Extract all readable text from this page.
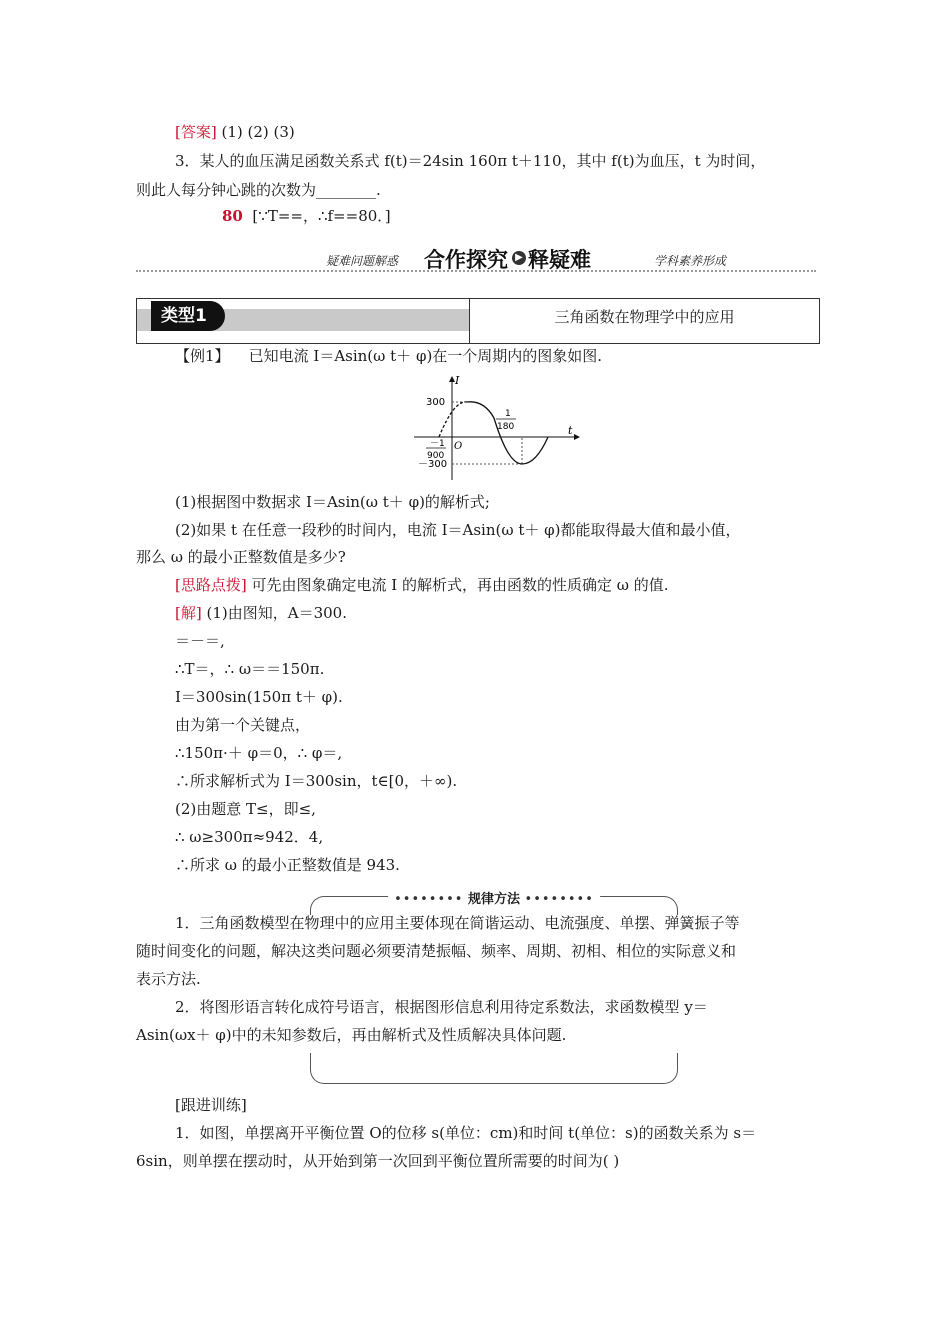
[答案] (1) (2) (3)
3．某人的血压满足函数关系式 f(t)＝24sin 160π t＋110，其中 f(t)为血压，t 为时间，
则此人每分钟心跳的次数为________.
80 [∵T==，∴f==80．]
疑难问题解惑 合作探究 ▶ 释疑难	学科素养形成
类型1	三角函数在物理学中的应用
【例1】 已知电流 I＝Asin(ω t＋ φ)在一个周期内的图象如图.
I
t
300
－300
O
－1
900
1
180
(1)根据图中数据求 I＝Asin(ω t＋ φ)的解析式;
(2)如果 t 在任意一段秒的时间内，电流 I＝Asin(ω t＋ φ)都能取得最大值和最小值，
那么 ω 的最小正整数值是多少?
[思路点拨] 可先由图象确定电流 I 的解析式，再由函数的性质确定 ω 的值.
[解] (1)由图知，A＝300.
＝－＝,
∴T＝，∴ ω＝＝150π.
I＝300sin(150π t＋ φ).
由为第一个关键点，
∴150π·＋ φ＝0，∴ φ＝,
∴所求解析式为 I＝300sin，t∈[0，＋∞).
(2)由题意 T≤，即≤,
∴ ω≥300π≈942．4,
∴所求 ω 的最小正整数值是 943.
•••••••• 规律方法 ••••••••
1．三角函数模型在物理中的应用主要体现在简谐运动、电流强度、单摆、弹簧振子等
随时间变化的问题，解决这类问题必须要清楚振幅、频率、周期、初相、相位的实际意义和
表示方法.
2．将图形语言转化成符号语言，根据图形信息利用待定系数法，求函数模型 y＝
Asin(ωx＋ φ)中的未知参数后，再由解析式及性质解决具体问题.
[跟进训练]
1．如图，单摆离开平衡位置 O的位移 s(单位：cm)和时间 t(单位：s)的函数关系为 s＝
6sin，则单摆在摆动时，从开始到第一次回到平衡位置所需要的时间为( )
